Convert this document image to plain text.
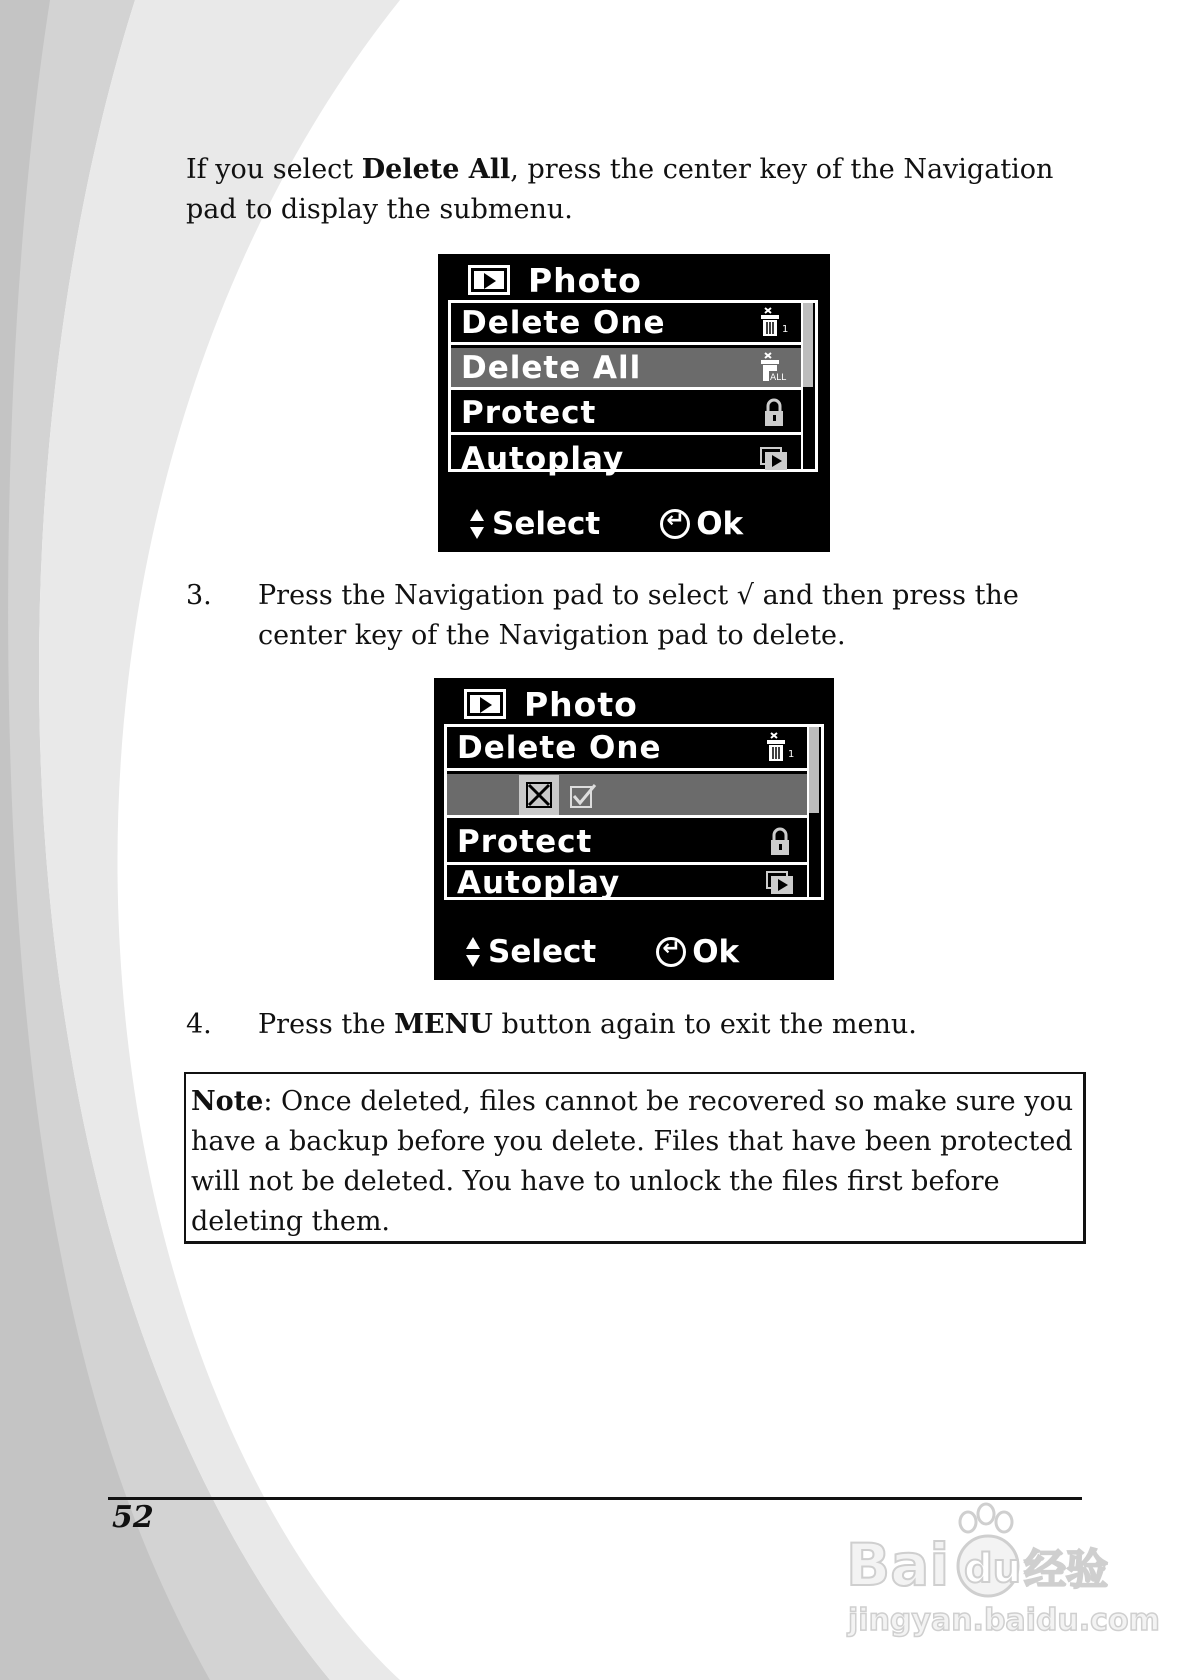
If you select Delete All, press the center key of the Navigation pad to display the submenu.

Photo
Delete One	1
Delete All	ALL
Protect
Autoplay
Select ↵	Ok
3. Press the Navigation pad to select √ and then press the center key of the Navigation pad to delete.

Photo
Delete One	1
Protect
Autoplay
Select ↵	Ok
4. Press the MENU button again to exit the menu.

Note: Once deleted, files cannot be recovered so make sure you have a backup before you delete. Files that have been protected will not be deleted. You have to unlock the files first before deleting them.
52
Bai du 经验
jingyan.baidu.com
